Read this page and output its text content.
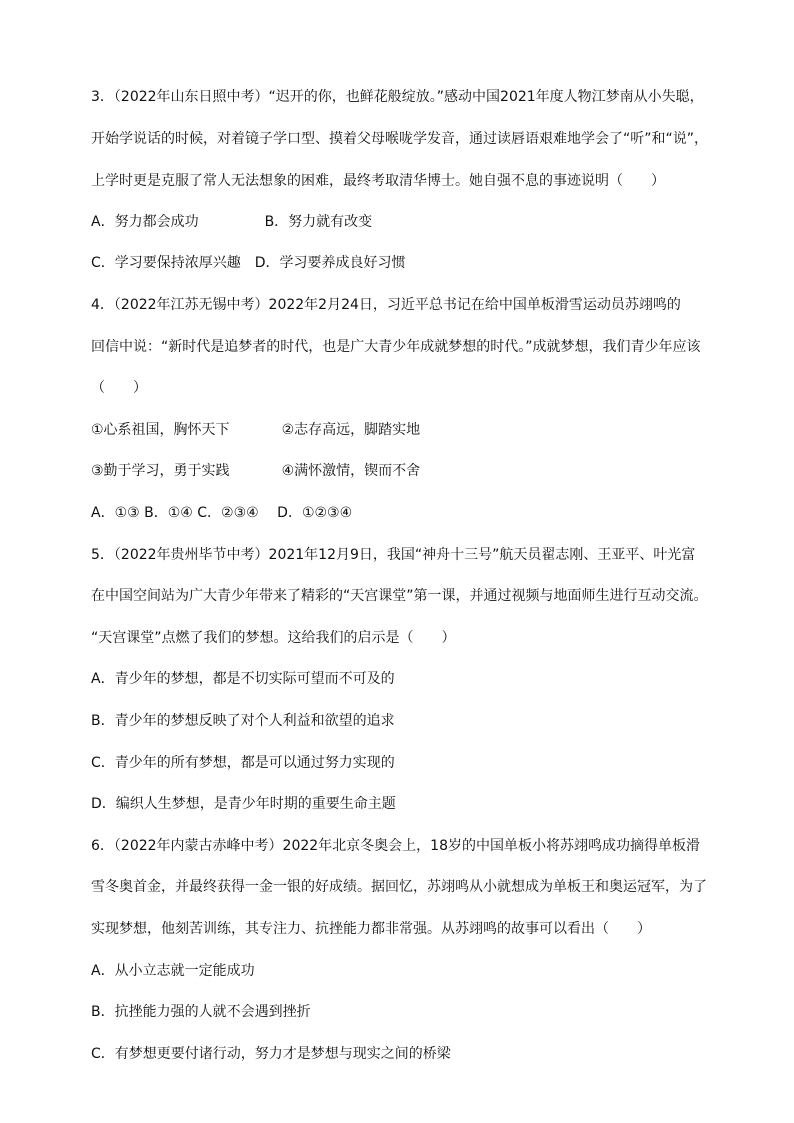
3．（2022年山东日照中考）“迟开的你，也鲜花般绽放。”感动中国2021年度人物江梦南从小失聪，
开始学说话的时候，对着镜子学口型、摸着父母喉咙学发音，通过读唇语艰难地学会了“听”和“说”，
上学时更是克服了常人无法想象的困难，最终考取清华博士。她自强不息的事迹说明（　　）
A．努力都会成功	B．努力就有改变
C．学习要保持浓厚兴趣 D．学习要养成良好习惯
4．（2022年江苏无锡中考）2022年2月24日，习近平总书记在给中国单板滑雪运动员苏翊鸣的
回信中说：“新时代是追梦者的时代，也是广大青少年成就梦想的时代。”成就梦想，我们青少年应该
（　　）
①心系祖国，胸怀天下	②志存高远，脚踏实地
③勤于学习，勇于实践	④满怀激情，锲而不舍
A．①③ B．①④ C．②③④　 D．①②③④
5．（2022年贵州毕节中考）2021年12月9日，我国“神舟十三号”航天员翟志刚、王亚平、叶光富
在中国空间站为广大青少年带来了精彩的“天宫课堂”第一课，并通过视频与地面师生进行互动交流。
“天宫课堂”点燃了我们的梦想。这给我们的启示是（　　）
A．青少年的梦想，都是不切实际可望而不可及的
B．青少年的梦想反映了对个人利益和欲望的追求
C．青少年的所有梦想，都是可以通过努力实现的
D．编织人生梦想，是青少年时期的重要生命主题
6．（2022年内蒙古赤峰中考）2022年北京冬奥会上，18岁的中国单板小将苏翊鸣成功摘得单板滑
雪冬奥首金，并最终获得一金一银的好成绩。据回忆，苏翊鸣从小就想成为单板王和奥运冠军，为了
实现梦想，他刻苦训练，其专注力、抗挫能力都非常强。从苏翊鸣的故事可以看出（　　）
A．从小立志就一定能成功
B．抗挫能力强的人就不会遇到挫折
C．有梦想更要付诸行动，努力才是梦想与现实之间的桥梁
